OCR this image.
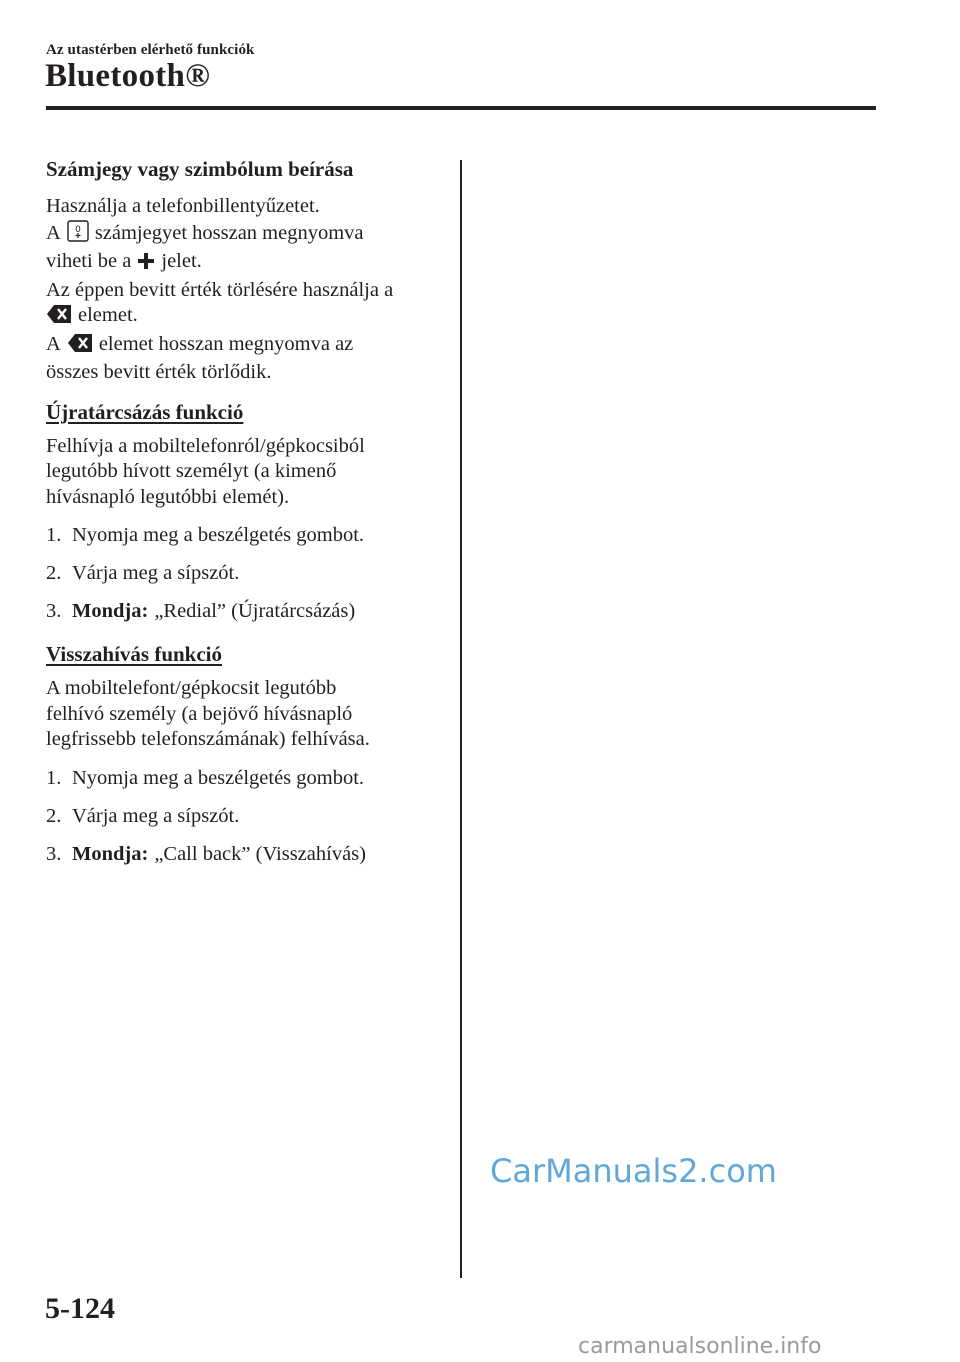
Az utastérben elérhető funkciók
Bluetooth®

Számjegy vagy szimbólum beírása

Használja a telefonbillentyűzetet.
A 0 számjegyet hosszan megnyomva
viheti be a jelet.
Az éppen bevitt érték törlésére használja a
elemet.
A elemet hosszan megnyomva az
összes bevitt érték törlődik.

Újratárcsázás funkció

Felhívja a mobiltelefonról/gépkocsiból
legutóbb hívott személyt (a kimenő
hívásnapló legutóbbi elemét).

1. Nyomja meg a beszélgetés gombot.
2. Várja meg a sípszót.
3. Mondja: „Redial” (Újratárcsázás)

Visszahívás funkció

A mobiltelefont/gépkocsit legutóbb
felhívó személy (a bejövő hívásnapló
legfrissebb telefonszámának) felhívása.

1. Nyomja meg a beszélgetés gombot.
2. Várja meg a sípszót.
3. Mondja: „Call back” (Visszahívás)
CarManuals2.com
5-124
carmanualsonline.info
